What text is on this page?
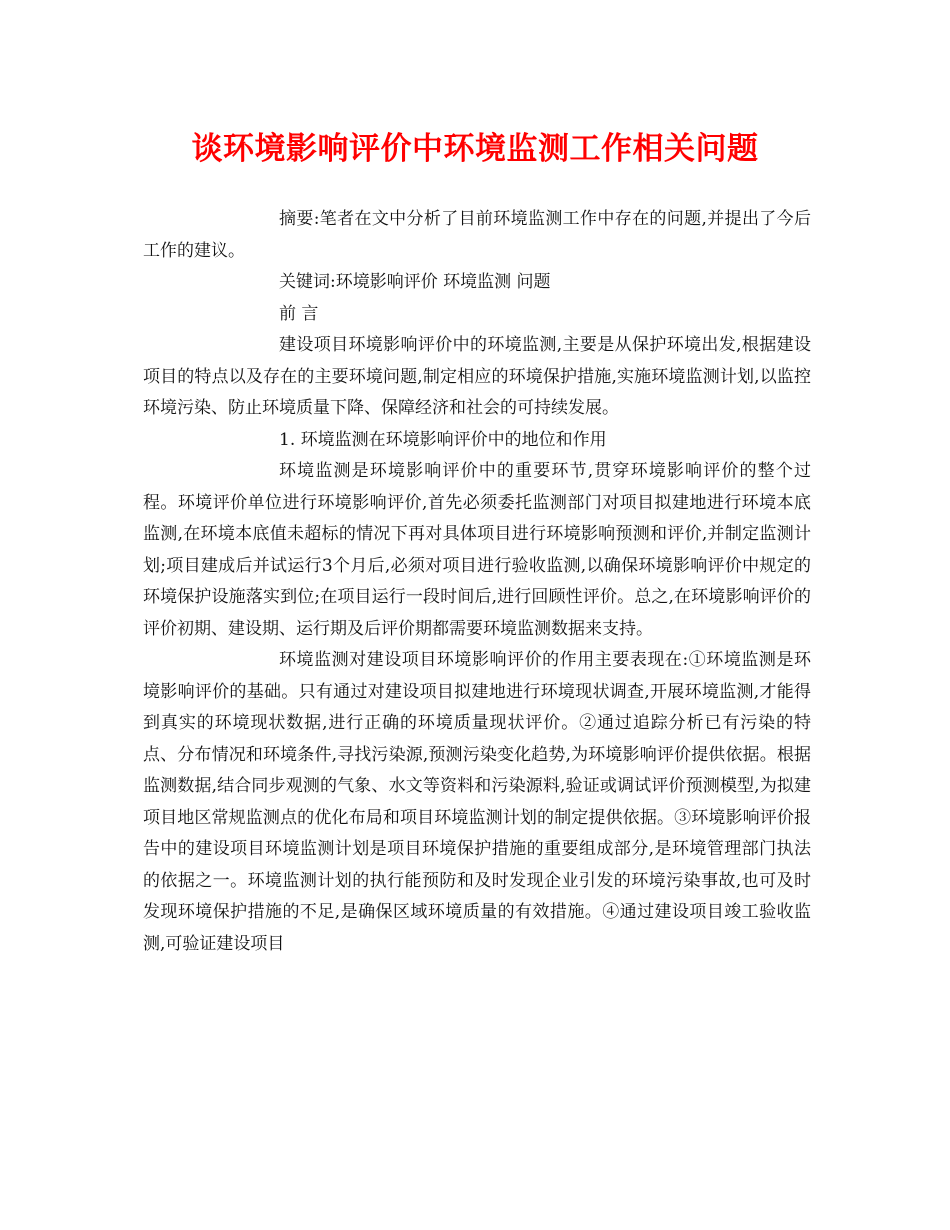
谈环境影响评价中环境监测工作相关问题

摘要:笔者在文中分析了目前环境监测工作中存在的问题,并提出了今后工作的建议。

关键词:环境影响评价 环境监测 问题

前 言

建设项目环境影响评价中的环境监测,主要是从保护环境出发,根据建设项目的特点以及存在的主要环境问题,制定相应的环境保护措施,实施环境监测计划,以监控环境污染、防止环境质量下降、保障经济和社会的可持续发展。

1. 环境监测在环境影响评价中的地位和作用

环境监测是环境影响评价中的重要环节,贯穿环境影响评价的整个过程。环境评价单位进行环境影响评价,首先必须委托监测部门对项目拟建地进行环境本底监测,在环境本底值未超标的情况下再对具体项目进行环境影响预测和评价,并制定监测计划;项目建成后并试运行3个月后,必须对项目进行验收监测,以确保环境影响评价中规定的环境保护设施落实到位;在项目运行一段时间后,进行回顾性评价。总之,在环境影响评价的评价初期、建设期、运行期及后评价期都需要环境监测数据来支持。

环境监测对建设项目环境影响评价的作用主要表现在:①环境监测是环境影响评价的基础。只有通过对建设项目拟建地进行环境现状调查,开展环境监测,才能得到真实的环境现状数据,进行正确的环境质量现状评价。②通过追踪分析已有污染的特点、分布情况和环境条件,寻找污染源,预测污染变化趋势,为环境影响评价提供依据。根据监测数据,结合同步观测的气象、水文等资料和污染源料,验证或调试评价预测模型,为拟建项目地区常规监测点的优化布局和项目环境监测计划的制定提供依据。③环境影响评价报告中的建设项目环境监测计划是项目环境保护措施的重要组成部分,是环境管理部门执法的依据之一。环境监测计划的执行能预防和及时发现企业引发的环境污染事故,也可及时发现环境保护措施的不足,是确保区域环境质量的有效措施。④通过建设项目竣工验收监测,可验证建设项目
